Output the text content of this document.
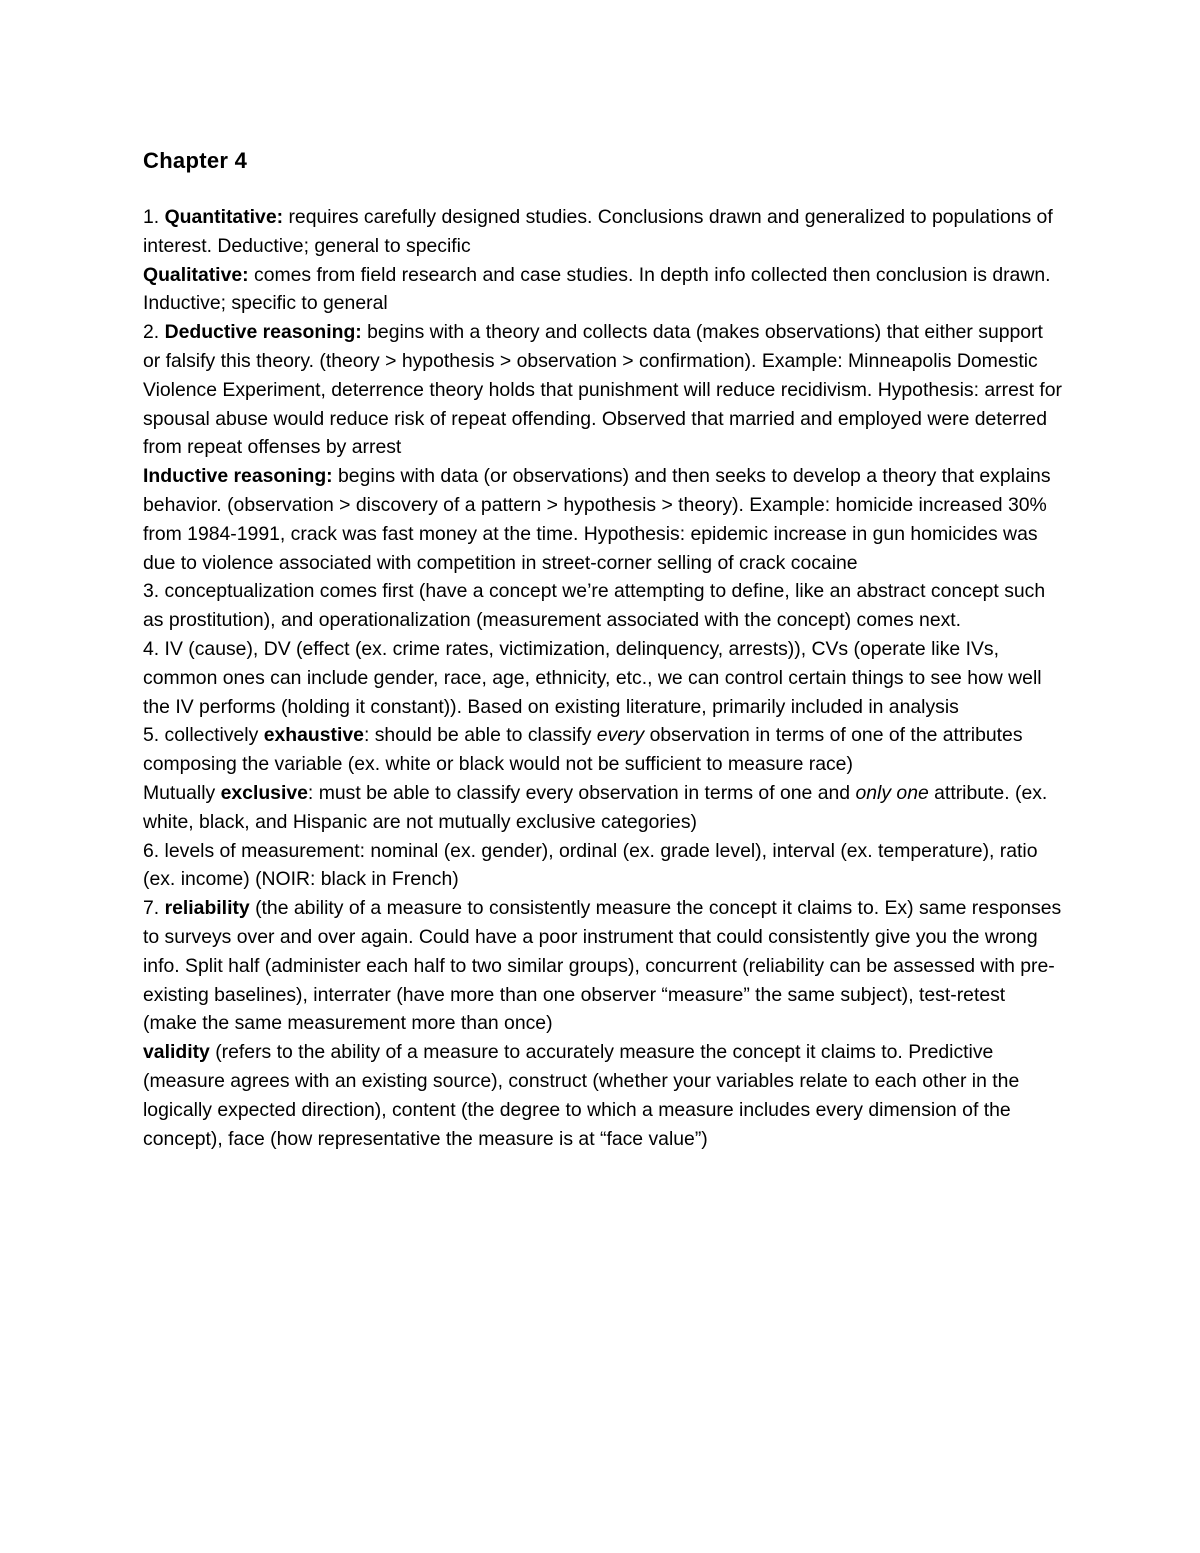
Chapter 4

1. Quantitative: requires carefully designed studies. Conclusions drawn and generalized to populations of interest. Deductive; general to specific

Qualitative: comes from field research and case studies. In depth info collected then conclusion is drawn. Inductive; specific to general

2. Deductive reasoning: begins with a theory and collects data (makes observations) that either support or falsify this theory. (theory > hypothesis > observation > confirmation). Example: Minneapolis Domestic Violence Experiment, deterrence theory holds that punishment will reduce recidivism. Hypothesis: arrest for spousal abuse would reduce risk of repeat offending. Observed that married and employed were deterred from repeat offenses by arrest

Inductive reasoning: begins with data (or observations) and then seeks to develop a theory that explains behavior. (observation > discovery of a pattern > hypothesis > theory). Example: homicide increased 30% from 1984-1991, crack was fast money at the time. Hypothesis: epidemic increase in gun homicides was due to violence associated with competition in street-corner selling of crack cocaine

3. conceptualization comes first (have a concept we’re attempting to define, like an abstract concept such as prostitution), and operationalization (measurement associated with the concept) comes next.

4. IV (cause), DV (effect (ex. crime rates, victimization, delinquency, arrests)), CVs (operate like IVs, common ones can include gender, race, age, ethnicity, etc., we can control certain things to see how well the IV performs (holding it constant)). Based on existing literature, primarily included in analysis

5. collectively exhaustive: should be able to classify every observation in terms of one of the attributes composing the variable (ex. white or black would not be sufficient to measure race)

Mutually exclusive: must be able to classify every observation in terms of one and only one attribute. (ex. white, black, and Hispanic are not mutually exclusive categories)

6. levels of measurement: nominal (ex. gender), ordinal (ex. grade level), interval (ex. temperature), ratio (ex. income) (NOIR: black in French)

7. reliability (the ability of a measure to consistently measure the concept it claims to. Ex) same responses to surveys over and over again. Could have a poor instrument that could consistently give you the wrong info. Split half (administer each half to two similar groups), concurrent (reliability can be assessed with pre-existing baselines), interrater (have more than one observer “measure” the same subject), test-retest (make the same measurement more than once)

validity (refers to the ability of a measure to accurately measure the concept it claims to. Predictive (measure agrees with an existing source), construct (whether your variables relate to each other in the logically expected direction), content (the degree to which a measure includes every dimension of the concept), face (how representative the measure is at “face value”)
